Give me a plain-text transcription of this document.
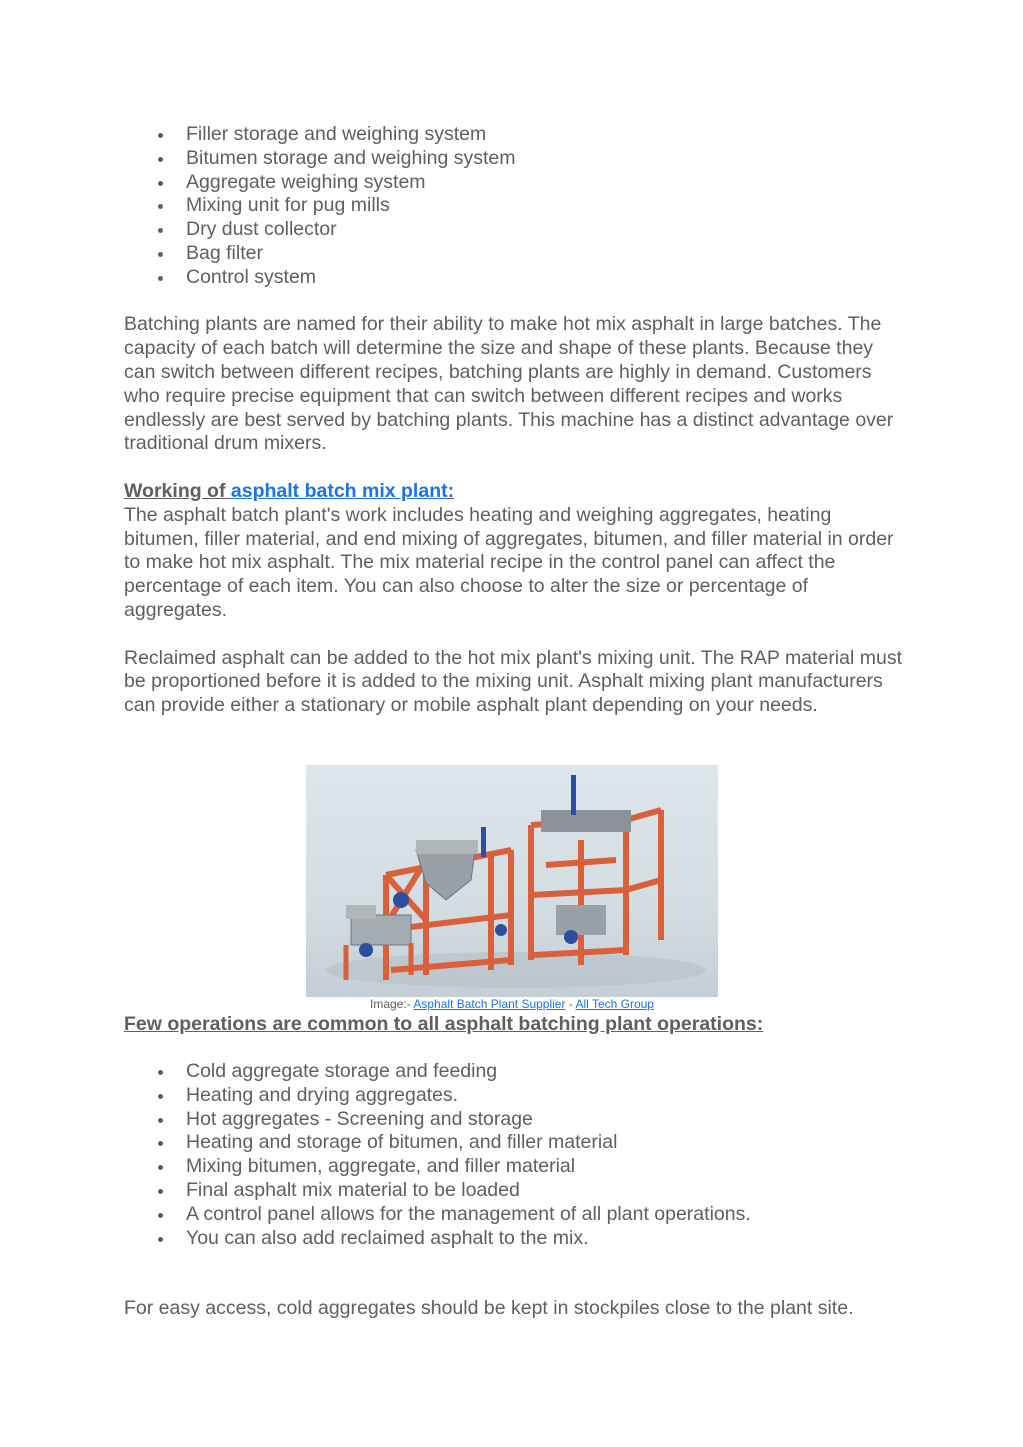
Filler storage and weighing system
Bitumen storage and weighing system
Aggregate weighing system
Mixing unit for pug mills
Dry dust collector
Bag filter
Control system

Batching plants are named for their ability to make hot mix asphalt in large batches. The capacity of each batch will determine the size and shape of these plants. Because they can switch between different recipes, batching plants are highly in demand. Customers who require precise equipment that can switch between different recipes and works endlessly are best served by batching plants. This machine has a distinct advantage over traditional drum mixers.

Working of asphalt batch mix plant:

The asphalt batch plant's work includes heating and weighing aggregates, heating bitumen, filler material, and end mixing of aggregates, bitumen, and filler material in order to make hot mix asphalt. The mix material recipe in the control panel can affect the percentage of each item. You can also choose to alter the size or percentage of aggregates.

Reclaimed asphalt can be added to the hot mix plant's mixing unit. The RAP material must be proportioned before it is added to the mixing unit. Asphalt mixing plant manufacturers can provide either a stationary or mobile asphalt plant depending on your needs.

Image:- Asphalt Batch Plant Supplier - All Tech Group

Few operations are common to all asphalt batching plant operations:

Cold aggregate storage and feeding
Heating and drying aggregates.
Hot aggregates - Screening and storage
Heating and storage of bitumen, and filler material
Mixing bitumen, aggregate, and filler material
Final asphalt mix material to be loaded
A control panel allows for the management of all plant operations.
You can also add reclaimed asphalt to the mix.

For easy access, cold aggregates should be kept in stockpiles close to the plant site.
